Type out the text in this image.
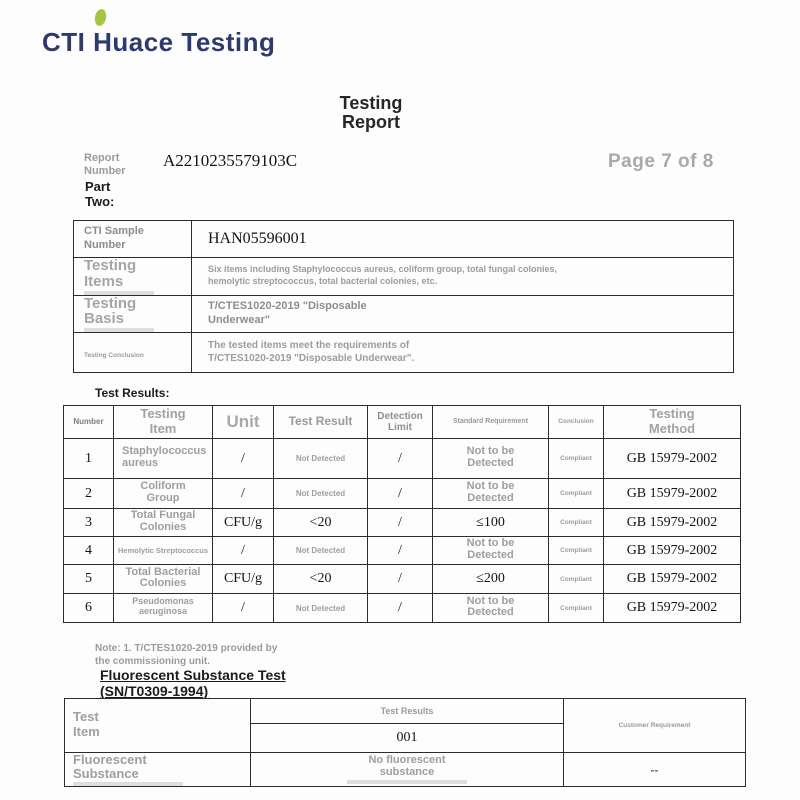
CTI Huace Testing
Testing Report
Report Number
A2210235579103C	Page 7 of 8
Part Two:
CTI Sample Number	HAN05596001
Testing Items	Six items including Staphylococcus aureus, coliform group, total fungal colonies, hemolytic streptococcus, total bacterial colonies, etc.
Testing Basis	T/CTES1020-2019 "Disposable Underwear"
Testing Conclusion	The tested items meet the requirements of T/CTES1020-2019 "Disposable Underwear".
Test Results:
Number	Testing Item	Unit	Test Result	Detection Limit	Standard Requirement	Conclusion	Testing Method
1	Staphylococcus aureus	/	Not Detected	/	Not to be Detected	Compliant	GB 15979-2002
2	Coliform Group	/	Not Detected	/	Not to be Detected	Compliant	GB 15979-2002
3	Total Fungal Colonies	CFU/g	<20	/	≤100	Compliant	GB 15979-2002
4	Hemolytic Streptococcus	/	Not Detected	/	Not to be Detected	Compliant	GB 15979-2002
5	Total Bacterial Colonies	CFU/g	<20	/	≤200	Compliant	GB 15979-2002
6	Pseudomonas aeruginosa	/	Not Detected	/	Not to be Detected	Compliant	GB 15979-2002
Note: 1. T/CTES1020-2019 provided by the commissioning unit.
Fluorescent Substance Test (SN/T0309-1994)
Test Item	Test Results	Customer Requirement
	001	
Fluorescent Substance	No fluorescent substance	--
